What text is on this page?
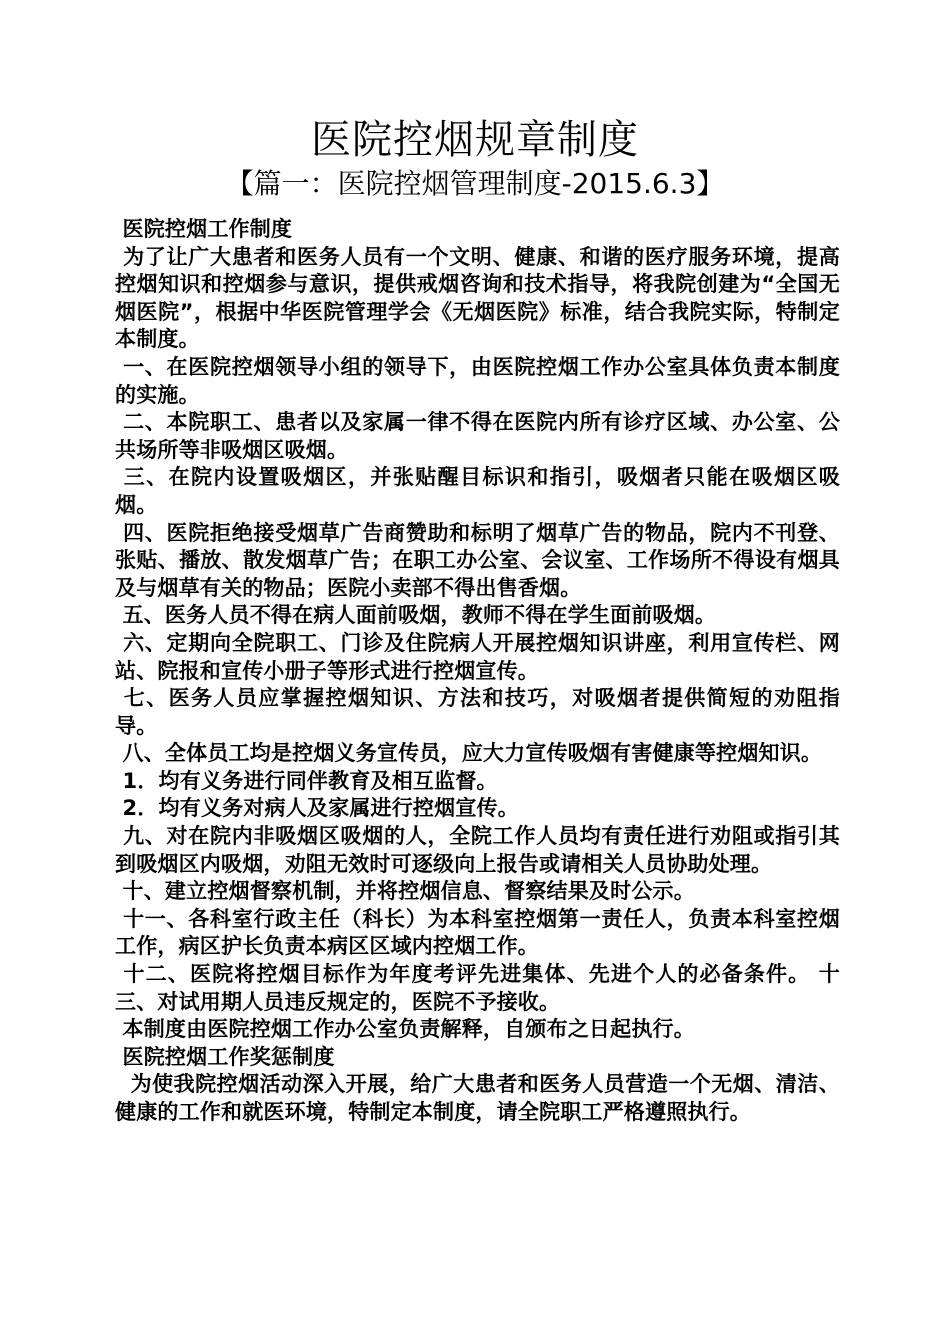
医院控烟规章制度
【篇一：医院控烟管理制度-2015.6.3】

医院控烟工作制度

为了让广大患者和医务人员有一个文明、健康、和谐的医疗服务环境，提高控烟知识和控烟参与意识，提供戒烟咨询和技术指导，将我院创建为“全国无烟医院”，根据中华医院管理学会《无烟医院》标准，结合我院实际，特制定本制度。

一、在医院控烟领导小组的领导下，由医院控烟工作办公室具体负责本制度的实施。

二、本院职工、患者以及家属一律不得在医院内所有诊疗区域、办公室、公共场所等非吸烟区吸烟。

三、在院内设置吸烟区，并张贴醒目标识和指引，吸烟者只能在吸烟区吸烟。

四、医院拒绝接受烟草广告商赞助和标明了烟草广告的物品，院内不刊登、张贴、播放、散发烟草广告；在职工办公室、会议室、工作场所不得设有烟具及与烟草有关的物品；医院小卖部不得出售香烟。

五、医务人员不得在病人面前吸烟，教师不得在学生面前吸烟。

六、定期向全院职工、门诊及住院病人开展控烟知识讲座，利用宣传栏、网站、院报和宣传小册子等形式进行控烟宣传。

七、医务人员应掌握控烟知识、方法和技巧，对吸烟者提供简短的劝阻指导。

八、全体员工均是控烟义务宣传员，应大力宣传吸烟有害健康等控烟知识。

1．均有义务进行同伴教育及相互监督。

2．均有义务对病人及家属进行控烟宣传。

九、对在院内非吸烟区吸烟的人，全院工作人员均有责任进行劝阻或指引其到吸烟区内吸烟，劝阻无效时可逐级向上报告或请相关人员协助处理。

十、建立控烟督察机制，并将控烟信息、督察结果及时公示。

十一、各科室行政主任（科长）为本科室控烟第一责任人，负责本科室控烟工作，病区护长负责本病区区域内控烟工作。

十二、医院将控烟目标作为年度考评先进集体、先进个人的必备条件。 十三、对试用期人员违反规定的，医院不予接收。

本制度由医院控烟工作办公室负责解释，自颁布之日起执行。

医院控烟工作奖惩制度

为使我院控烟活动深入开展，给广大患者和医务人员营造一个无烟、清洁、健康的工作和就医环境，特制定本制度，请全院职工严格遵照执行。
